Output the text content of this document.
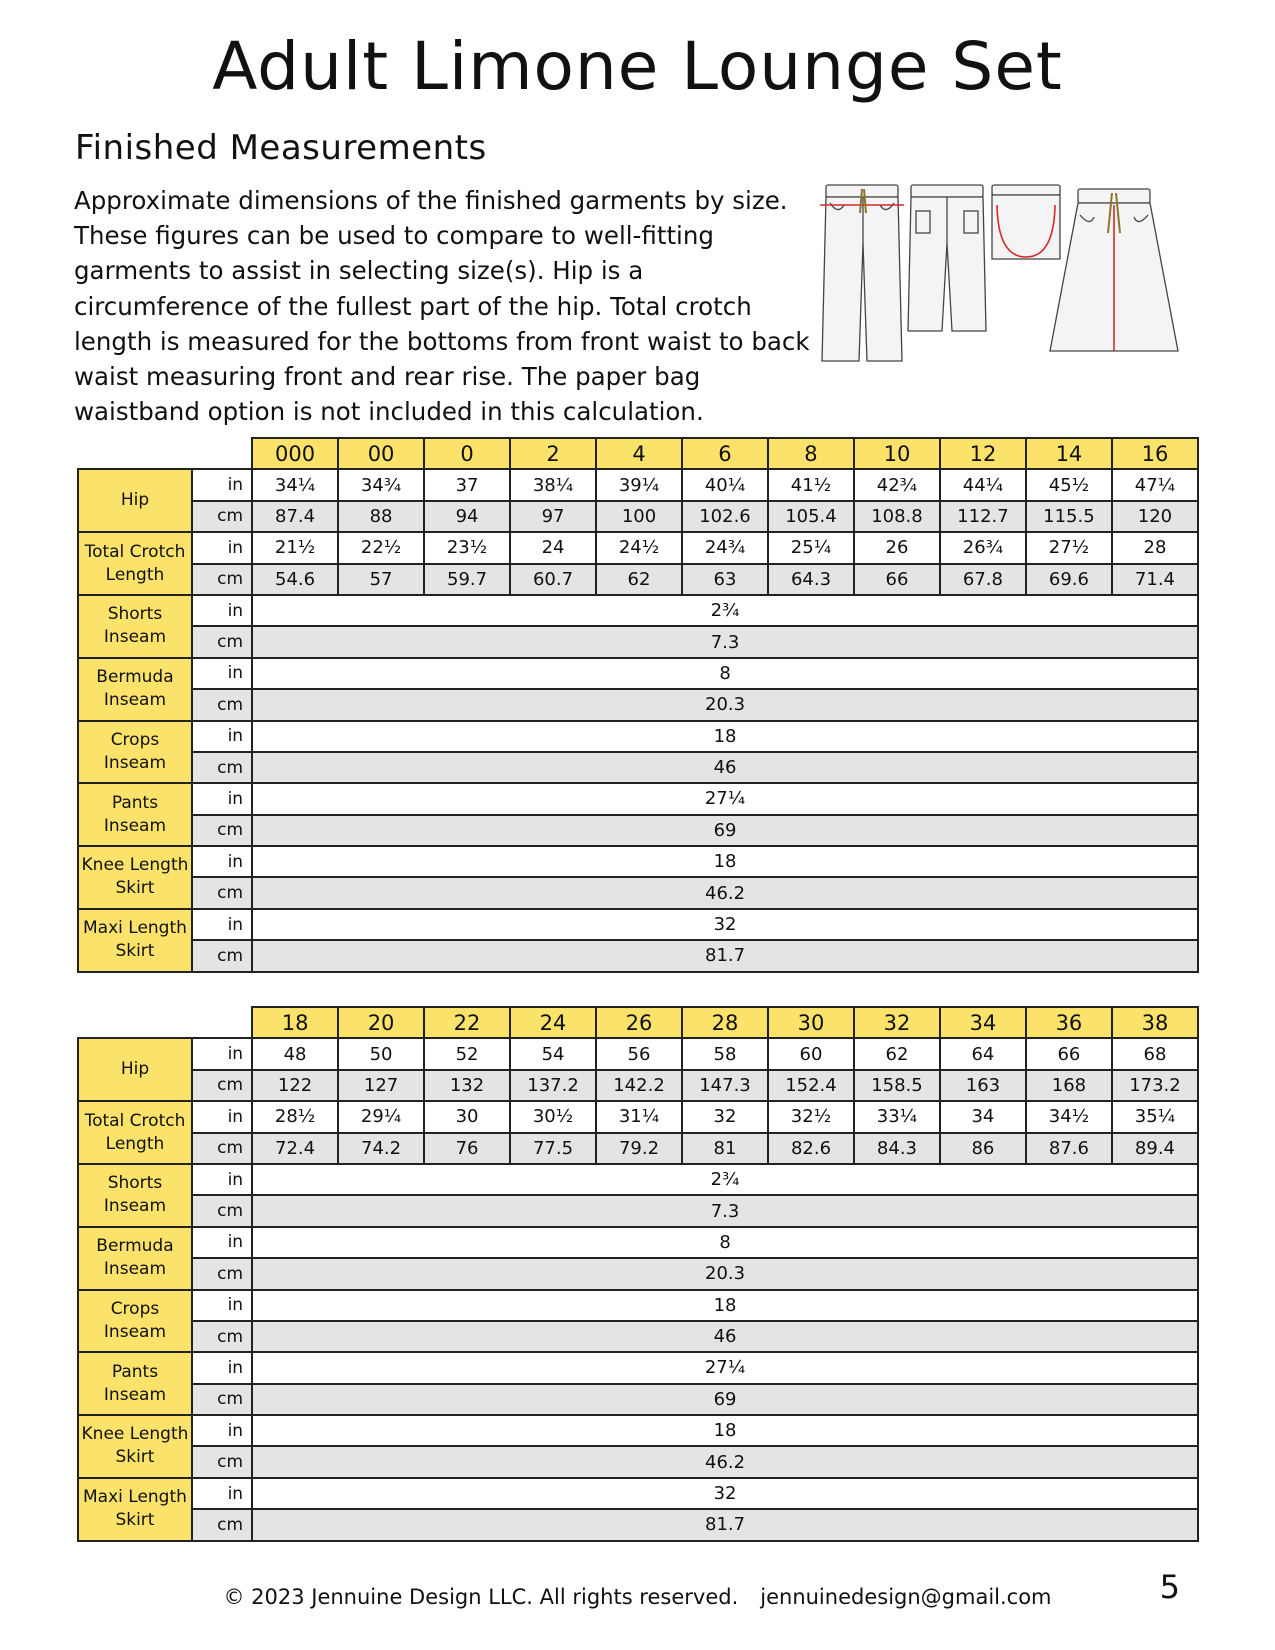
Adult Limone Lounge Set
Finished Measurements
Approximate dimensions of the finished garments by size. These figures can be used to compare to well-fitting garments to assist in selecting size(s). Hip is a circumference of the fullest part of the hip. Total crotch length is measured for the bottoms from front waist to back waist measuring front and rear rise. The paper bag waistband option is not included in this calculation.
		000	00	0	2	4	6	8	10	12	14	16
Hip	in	34¼	34¾	37	38¼	39¼	40¼	41½	42¾	44¼	45½	47¼
	cm	87.4	88	94	97	100	102.6	105.4	108.8	112.7	115.5	120
Total Crotch Length	in	21½	22½	23½	24	24½	24¾	25¼	26	26¾	27½	28
	cm	54.6	57	59.7	60.7	62	63	64.3	66	67.8	69.6	71.4
Shorts Inseam	in	2¾										
	cm	7.3										
Bermuda Inseam	in	8										
	cm	20.3										
Crops Inseam	in	18										
	cm	46										
Pants Inseam	in	27¼										
	cm	69										
Knee Length Skirt	in	18										
	cm	46.2										
Maxi Length Skirt	in	32										
	cm	81.7										
		18	20	22	24	26	28	30	32	34	36	38
Hip	in	48	50	52	54	56	58	60	62	64	66	68
	cm	122	127	132	137.2	142.2	147.3	152.4	158.5	163	168	173.2
Total Crotch Length	in	28½	29¼	30	30½	31¼	32	32½	33¼	34	34½	35¼
	cm	72.4	74.2	76	77.5	79.2	81	82.6	84.3	86	87.6	89.4
Shorts Inseam	in	2¾										
	cm	7.3										
Bermuda Inseam	in	8										
	cm	20.3										
Crops Inseam	in	18										
	cm	46										
Pants Inseam	in	27¼										
	cm	69										
Knee Length Skirt	in	18										
	cm	46.2										
Maxi Length Skirt	in	32										
	cm	81.7										
© 2023 Jennuine Design LLC. All rights reserved. jennuinedesign@gmail.com	5
